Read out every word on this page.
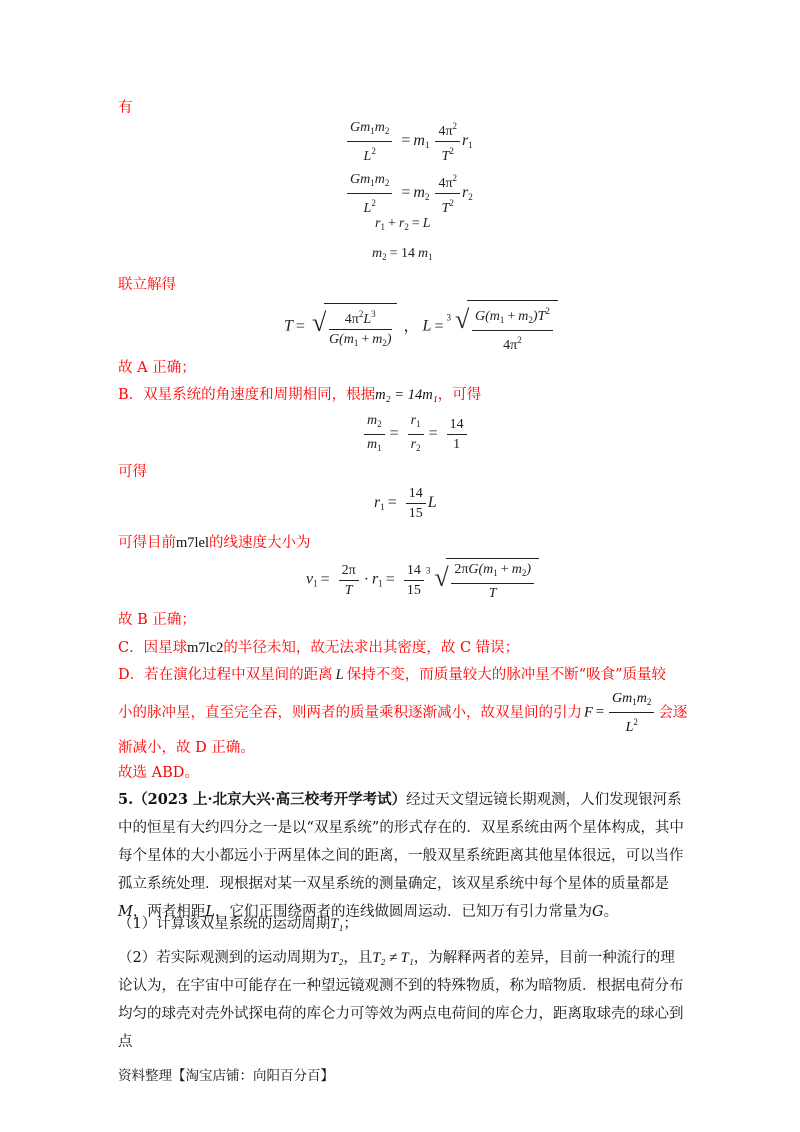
有
$\frac{Gm_1m_2}{L^2} = m_1 \frac{4\pi^2}{T^2} r_1$
$\frac{Gm_1m_2}{L^2} = m_2 \frac{4\pi^2}{T^2} r_2$
$r_1 + r_2 = L$
$m_2 = 14$ $m_1$
联立解得
T = √ $\frac{4\pi^2L^3}{G(m_1 + m_2)}$ ， L = $^3$ √ $\frac{G(m_1 + m_2)T^2}{4\pi^2}$
故 A 正确；
B．双星系统的角速度和周期相同，根据m₂ = 14m₁，可得
$\frac{m_2}{m_1} = \frac{r_1}{r_2} = \frac{14}{1}$
可得
$r_1 = \frac{14}{15}$ L
可得目前m7lel的线速度大小为
$v_1 = \frac{2\pi}{T} \cdot r_1 = \frac{14}{15} ^3$ √ $\frac{2\pi G(m_1 + m_2)}{T}$
故 B 正确；
C．因星球m7lc2的半径未知，故无法求出其密度，故 C 错误；
D．若在演化过程中双星间的距离 L 保持不变，而质量较大的脉冲星不断“吸食”质量较
小的脉冲星，直至完全吞，则两者的质量乘积逐渐减小，故双星间的引力 $F = \frac{Gm_1m_2}{L^2}$ 会逐
渐减小，故 D 正确。
故选 ABD。
5.（2023 上·北京大兴·高三校考开学考试）经过天文望远镜长期观测，人们发现银河系中的恒星有大约四分之一是以“双星系统”的形式存在的．双星系统由两个星体构成，其中每个星体的大小都远小于两星体之间的距离，一般双星系统距离其他星体很远，可以当作孤立系统处理．现根据对某一双星系统的测量确定，该双星系统中每个星体的质量都是M，两者相距L，它们正围绕两者的连线做圆周运动．已知万有引力常量为G。
（1）计算该双星系统的运动周期T₁；
（2）若实际观测到的运动周期为T₂，且T₂ ≠ T₁，为解释两者的差异，目前一种流行的理论认为，在宇宙中可能存在一种望远镜观测不到的特殊物质，称为暗物质．根据电荷分布均匀的球壳对壳外试探电荷的库仑力可等效为两点电荷间的库仑力，距离取球壳的球心到点
资料整理【淘宝店铺：向阳百分百】
